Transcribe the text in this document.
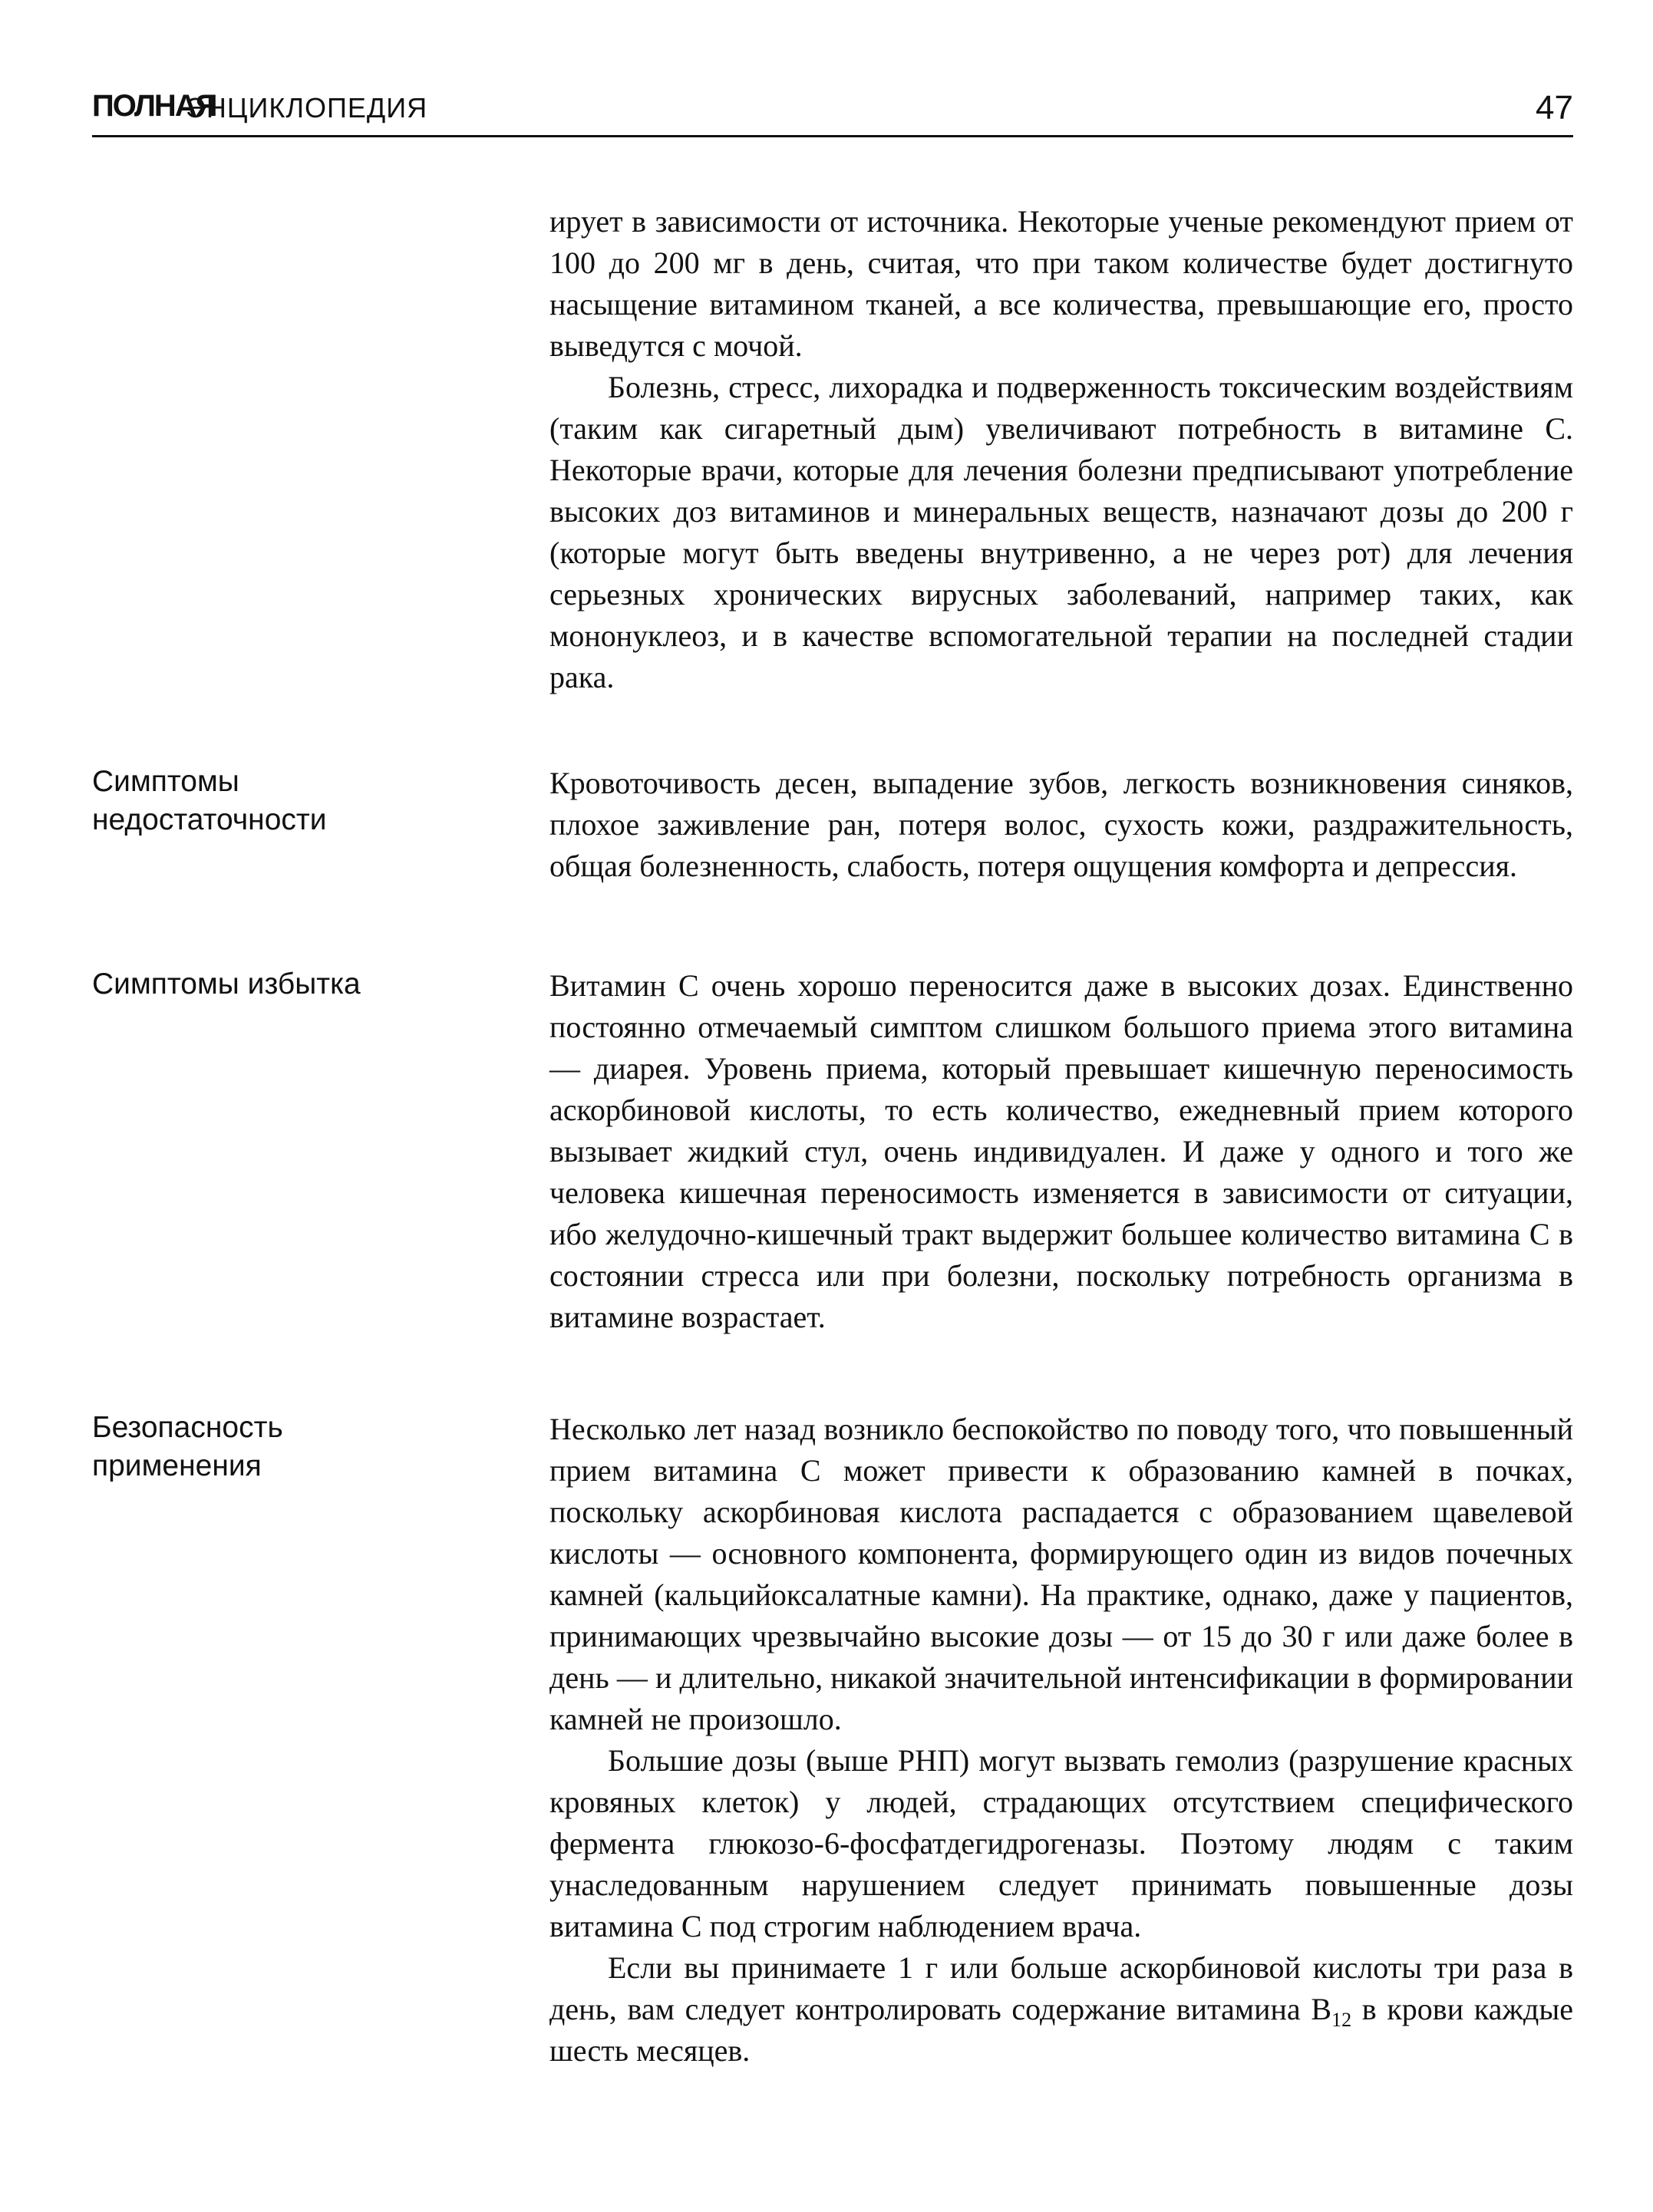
ПОЛНАЯ
ЭНЦИКЛОПЕДИЯ	47

ирует в зависимости от источника. Некоторые ученые рекомендуют прием от 100 до 200 мг в день, считая, что при таком количестве будет достигнуто насыщение витамином тканей, а все количества, превышающие его, просто выведутся с мочой.

Болезнь, стресс, лихорадка и подверженность токсическим воздействиям (таким как сигаретный дым) увеличивают потребность в витамине С. Некоторые врачи, которые для лечения болезни предписывают употребление высоких доз витаминов и минеральных веществ, назначают дозы до 200 г (которые могут быть введены внутривенно, а не через рот) для лечения серьезных хронических вирусных заболеваний, например таких, как мононуклеоз, и в качестве вспомогательной терапии на последней стадии рака.

Симптомы
недостаточности

Кровоточивость десен, выпадение зубов, легкость возникновения синяков, плохое заживление ран, потеря волос, сухость кожи, раздражительность, общая болезненность, слабость, потеря ощущения комфорта и депрессия.

Симптомы избытка	Витамин С очень хорошо переносится даже в высоких дозах. Единственно постоянно отмечаемый симптом слишком большого приема этого витамина — диарея. Уровень приема, который превышает кишечную переносимость аскорбиновой кислоты, то есть количество, ежедневный прием которого вызывает жидкий стул, очень индивидуален. И даже у одного и того же человека кишечная переносимость изменяется в зависимости от ситуации, ибо желудочно-кишечный тракт выдержит большее количество витамина С в состоянии стресса или при болезни, поскольку потребность организма в витамине возрастает.

Безопасность
применения

Несколько лет назад возникло беспокойство по поводу того, что повышенный прием витамина С может привести к образованию камней в почках, поскольку аскорбиновая кислота распадается с образованием щавелевой кислоты — основного компонента, формирующего один из видов почечных камней (кальцийоксалатные камни). На практике, однако, даже у пациентов, принимающих чрезвычайно высокие дозы — от 15 до 30 г или даже более в день — и длительно, никакой значительной интенсификации в формировании камней не произошло.

Большие дозы (выше РНП) могут вызвать гемолиз (разрушение красных кровяных клеток) у людей, страдающих отсутствием специфического фермента глюкозо-6-фосфатдегидрогеназы. Поэтому людям с таким унаследованным нарушением следует принимать повышенные дозы витамина С под строгим наблюдением врача.

Если вы принимаете 1 г или больше аскорбиновой кислоты три раза в день, вам следует контролировать содержание витамина $B_{12}$ в крови каждые шесть месяцев.
